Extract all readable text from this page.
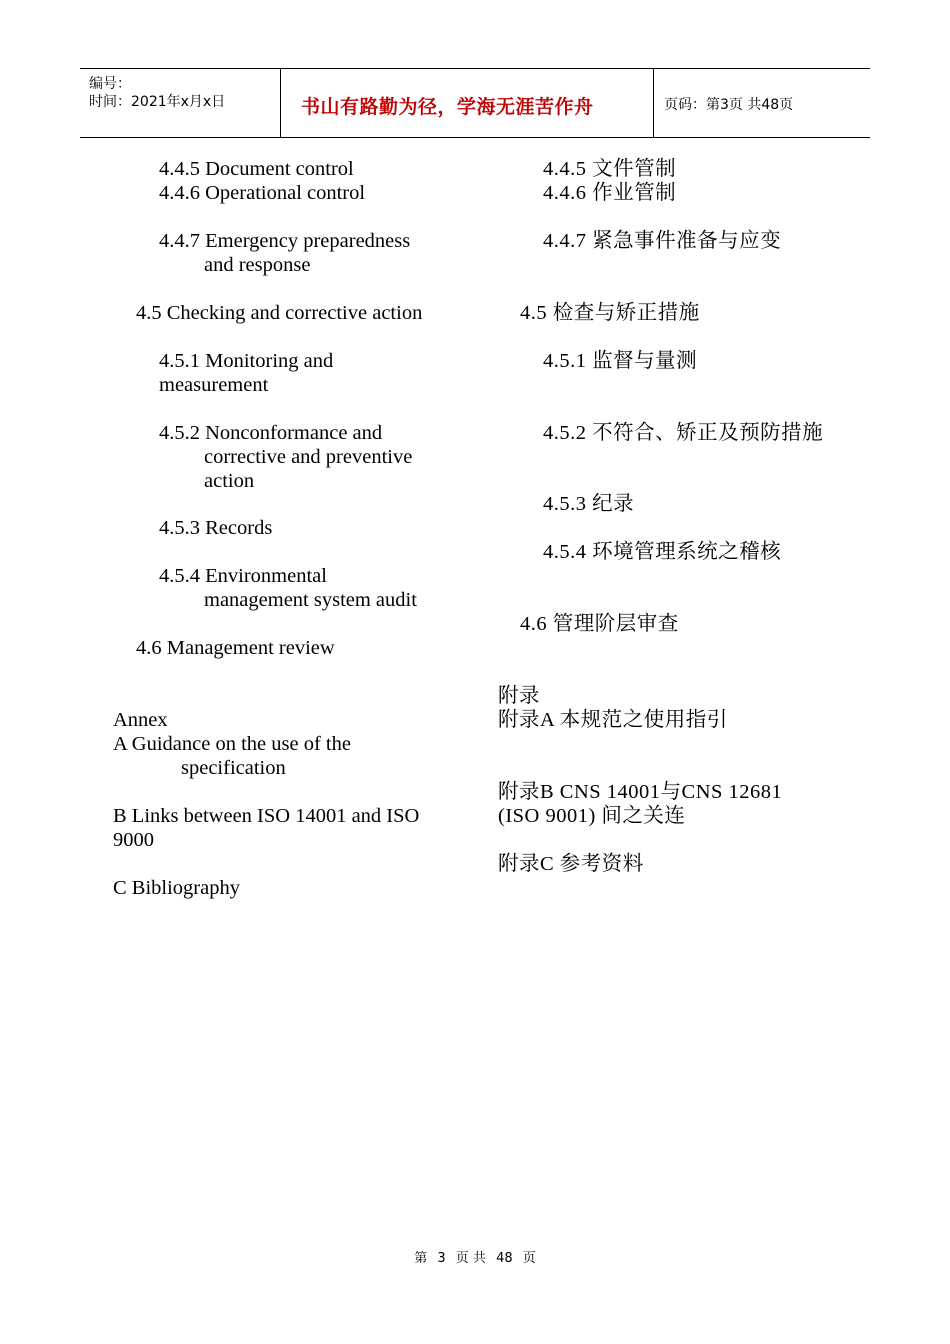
编号：
时间：2021年x月x日	书山有路勤为径，学海无涯苦作舟	页码：第3页 共48页
4.4.5 Document control
4.4.6 Operational control
4.4.7 Emergency preparedness
and response
4.5 Checking and corrective action
4.5.1 Monitoring and
measurement
4.5.2 Nonconformance and
corrective and preventive
action
4.5.3 Records
4.5.4 Environmental
management system audit
4.6 Management review
Annex
A Guidance on the use of the
specification
B Links between ISO 14001 and ISO
9000
C Bibliography
4.4.5 文件管制
4.4.6 作业管制
4.4.7 紧急事件准备与应变
4.5 检查与矫正措施
4.5.1 监督与量测
4.5.2 不符合、矫正及预防措施
4.5.3 纪录
4.5.4 环境管理系统之稽核
4.6 管理阶层审查
附录
附录A 本规范之使用指引
附录B CNS 14001与CNS 12681
(ISO 9001) 间之关连
附录C 参考资料
第 3 页 共 48 页
